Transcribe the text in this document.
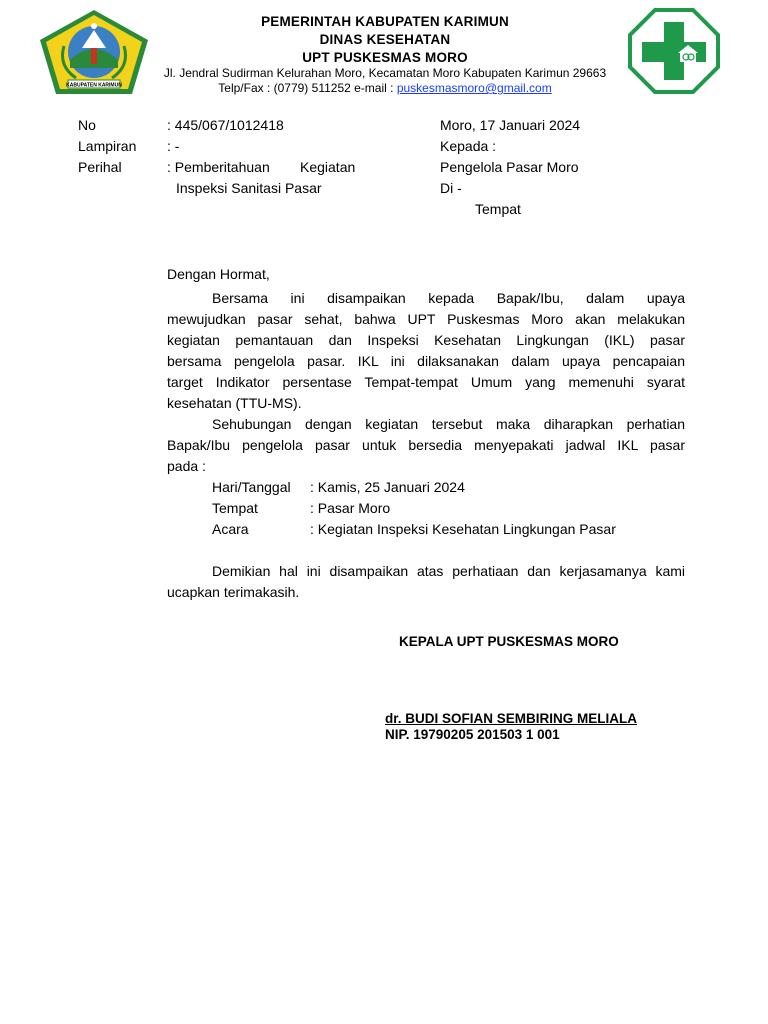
KABUPATEN KARIMUN
PEMERINTAH KABUPATEN KARIMUN
DINAS KESEHATAN
UPT PUSKESMAS MORO
Jl. Jendral Sudirman Kelurahan Moro, Kecamatan Moro Kabupaten Karimun 29663
Telp/Fax : (0779) 511252 e-mail : puskesmasmoro@gmail.com
No	: 445/067/1012418
Lampiran : -
Perihal	: Pemberitahuan Kegiatan
Inspeksi Sanitasi Pasar
Moro, 17 Januari 2024
Kepada :
Pengelola Pasar Moro
Di -
Tempat
Dengan Hormat,
Bersama ini disampaikan kepada Bapak/Ibu, dalam upaya
mewujudkan pasar sehat, bahwa UPT Puskesmas Moro akan melakukan
kegiatan pemantauan dan Inspeksi Kesehatan Lingkungan (IKL) pasar
bersama pengelola pasar. IKL ini dilaksanakan dalam upaya pencapaian
target Indikator persentase Tempat-tempat Umum yang memenuhi syarat
kesehatan (TTU-MS).
Sehubungan dengan kegiatan tersebut maka diharapkan perhatian
Bapak/Ibu pengelola pasar untuk bersedia menyepakati jadwal IKL pasar
pada :
Hari/Tanggal : Kamis, 25 Januari 2024
Tempat	: Pasar Moro
Acara	: Kegiatan Inspeksi Kesehatan Lingkungan Pasar
Demikian hal ini disampaikan atas perhatiaan dan kerjasamanya kami
ucapkan terimakasih.
KEPALA UPT PUSKESMAS MORO
dr. BUDI SOFIAN SEMBIRING MELIALA
NIP. 19790205 201503 1 001
